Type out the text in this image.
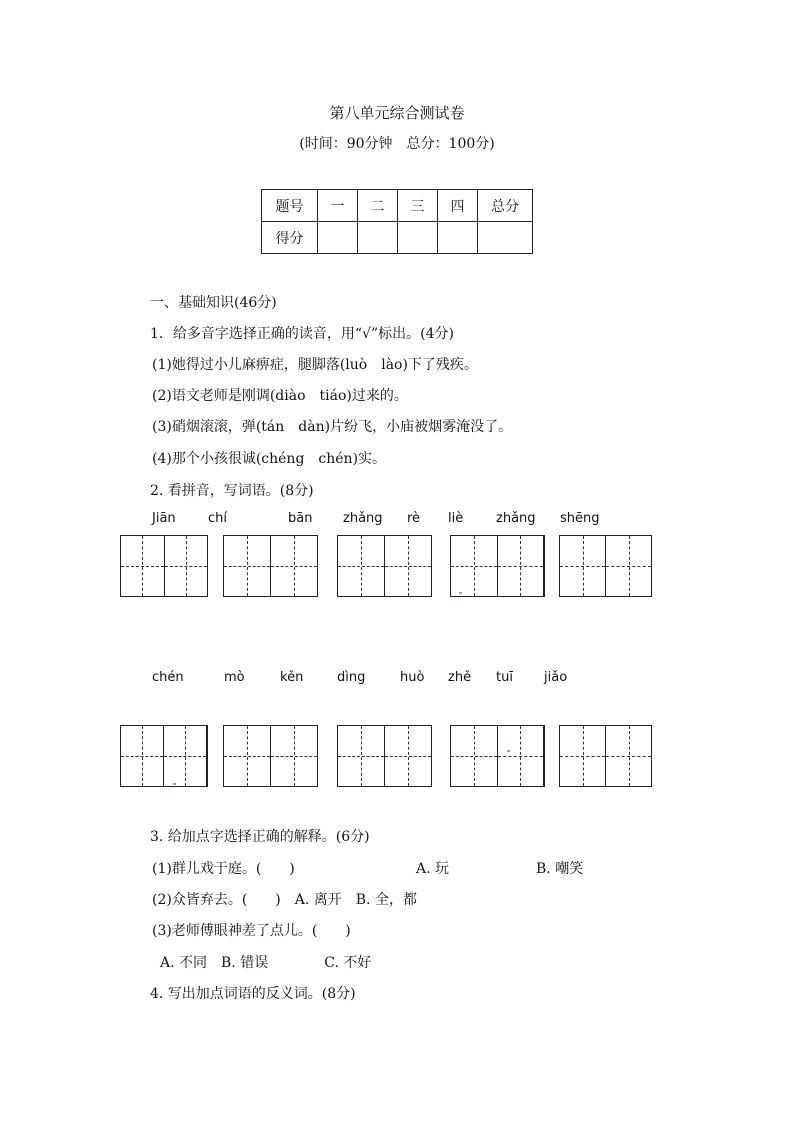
第八单元综合测试卷
(时间：90分钟　总分：100分)
题号	一	二	三	四	总分
得分					
一、基础知识(46分)
1．给多音字选择正确的读音，用“√”标出。(4分)
(1)她得过小儿麻痹症，腿脚落(luò　lào)下了残疾。
(2)语文老师是刚调(diào　tiáo)过来的。
(3)硝烟滚滚，弹(tán　dàn)片纷飞，小庙被烟雾淹没了。
(4)那个小孩很诚(chéng　chén)实。
2. 看拼音，写词语。(8分)
Jiān chí	bān zhǎng rè liè	zhǎng shēng
chén	mò	kěn	dìng	huò zhě tuī jiǎo
3. 给加点字选择正确的解释。(6分)
(1)群儿戏于庭。(　　)	A. 玩	B. 嘲笑
(2)众皆弃去。(　　)　A. 离开　B. 全，都
(3)老师傅眼神差了点儿。(　　)
A. 不同　B. 错误　　　　C. 不好
4. 写出加点词语的反义词。(8分)
